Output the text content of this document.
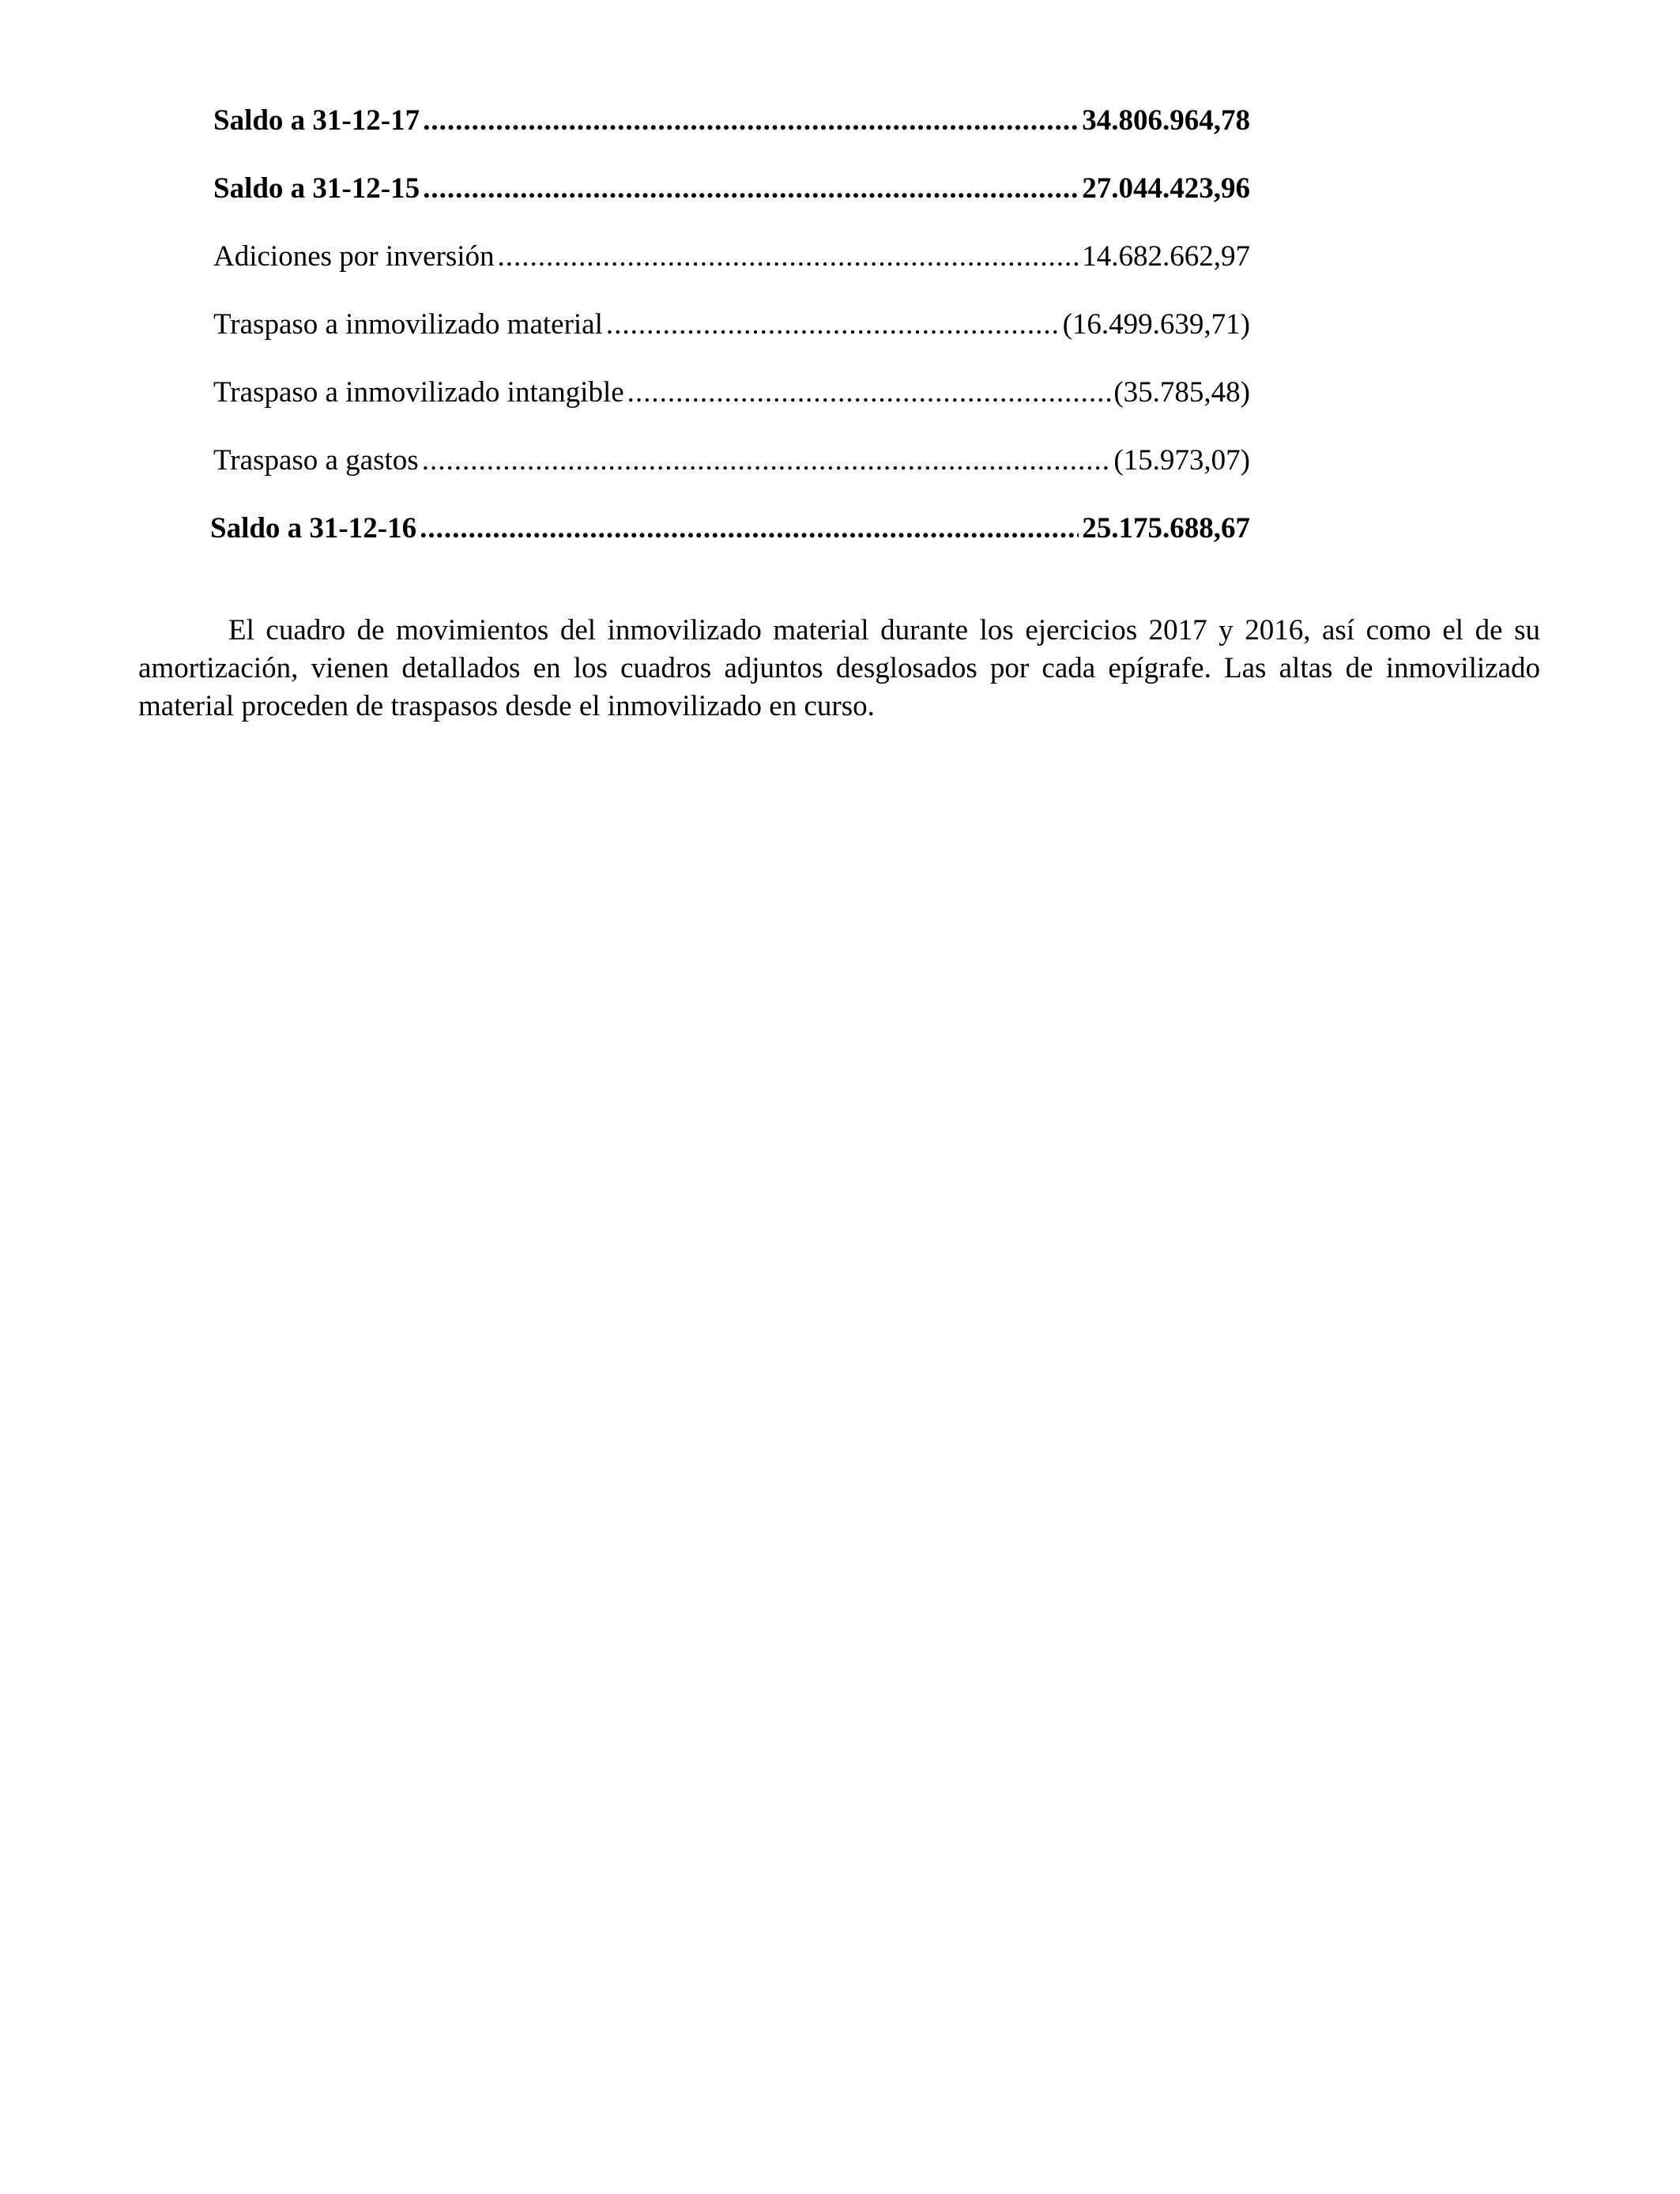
Saldo a 31-12-17 .....	34.806.964,78
Saldo a 31-12-15 .....	27.044.423,96
Adiciones por inversión .....	14.682.662,97
Traspaso a inmovilizado material .....	(16.499.639,71)
Traspaso a inmovilizado intangible .....	(35.785,48)
Traspaso a gastos .....	(15.973,07)
Saldo a 31-12-16 .....	25.175.688,67

El cuadro de movimientos del inmovilizado material durante los ejercicios 2017 y 2016, así como el de su amortización, vienen detallados en los cuadros adjuntos desglosados por cada epígrafe. Las altas de inmovilizado material proceden de traspasos desde el inmovilizado en curso.
